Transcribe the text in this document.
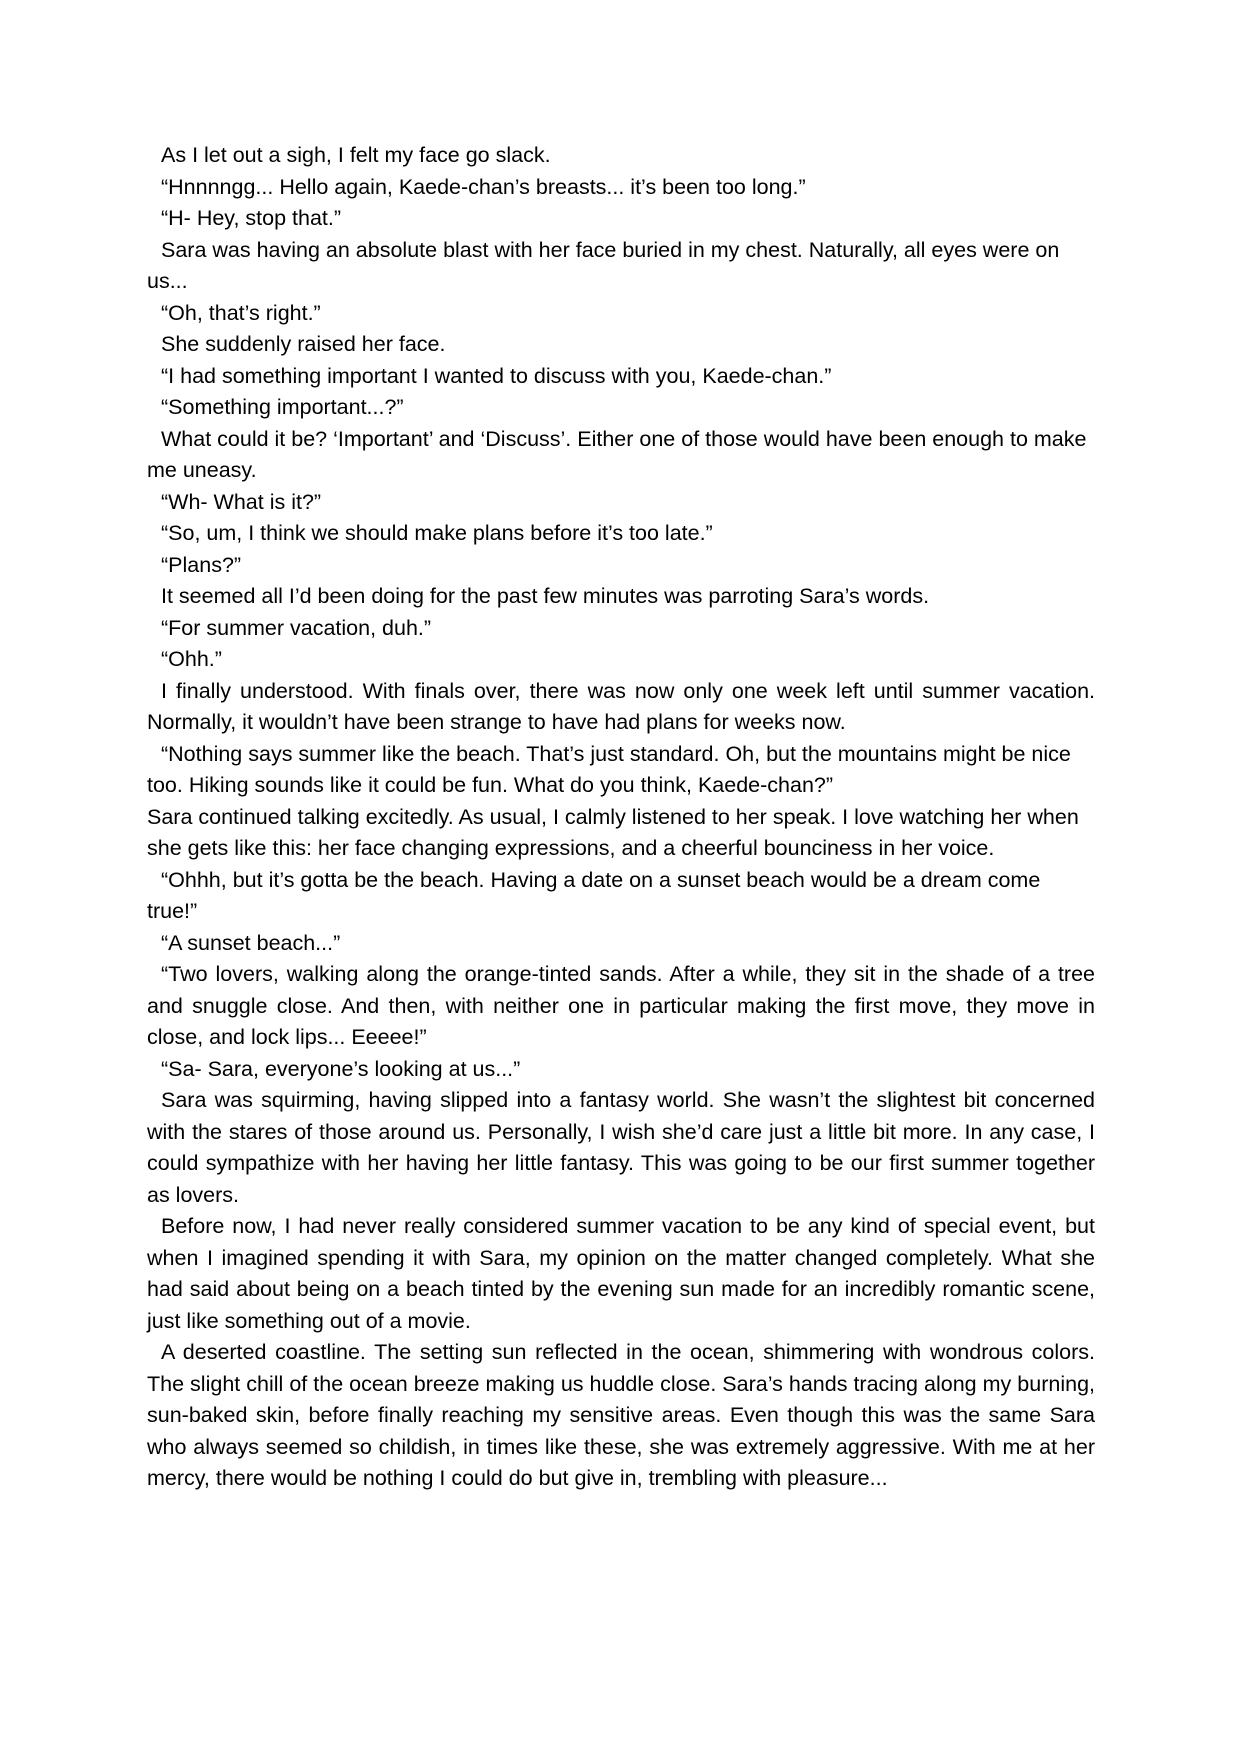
As I let out a sigh, I felt my face go slack.

“Hnnnngg... Hello again, Kaede-chan’s breasts... it’s been too long.”

“H- Hey, stop that.”

Sara was having an absolute blast with her face buried in my chest. Naturally, all eyes were on us...

“Oh, that’s right.”

She suddenly raised her face.

“I had something important I wanted to discuss with you, Kaede-chan.”

“Something important...?”

What could it be? ‘Important’ and ‘Discuss’. Either one of those would have been enough to make me uneasy.

“Wh- What is it?”

“So, um, I think we should make plans before it’s too late.”

“Plans?”

It seemed all I’d been doing for the past few minutes was parroting Sara’s words.

“For summer vacation, duh.”

“Ohh.”

I finally understood. With finals over, there was now only one week left until summer vacation. Normally, it wouldn’t have been strange to have had plans for weeks now.

“Nothing says summer like the beach. That’s just standard. Oh, but the mountains might be nice too. Hiking sounds like it could be fun. What do you think, Kaede-chan?”

Sara continued talking excitedly. As usual, I calmly listened to her speak. I love watching her when she gets like this: her face changing expressions, and a cheerful bounciness in her voice.

“Ohhh, but it’s gotta be the beach. Having a date on a sunset beach would be a dream come true!”

“A sunset beach...”

“Two lovers, walking along the orange-tinted sands. After a while, they sit in the shade of a tree and snuggle close. And then, with neither one in particular making the first move, they move in close, and lock lips... Eeeee!”

“Sa- Sara, everyone’s looking at us...”

Sara was squirming, having slipped into a fantasy world. She wasn’t the slightest bit concerned with the stares of those around us. Personally, I wish she’d care just a little bit more. In any case, I could sympathize with her having her little fantasy. This was going to be our first summer together as lovers.

Before now, I had never really considered summer vacation to be any kind of special event, but when I imagined spending it with Sara, my opinion on the matter changed completely. What she had said about being on a beach tinted by the evening sun made for an incredibly romantic scene, just like something out of a movie.

A deserted coastline. The setting sun reflected in the ocean, shimmering with wondrous colors. The slight chill of the ocean breeze making us huddle close. Sara’s hands tracing along my burning, sun-baked skin, before finally reaching my sensitive areas. Even though this was the same Sara who always seemed so childish, in times like these, she was extremely aggressive. With me at her mercy, there would be nothing I could do but give in, trembling with pleasure...
